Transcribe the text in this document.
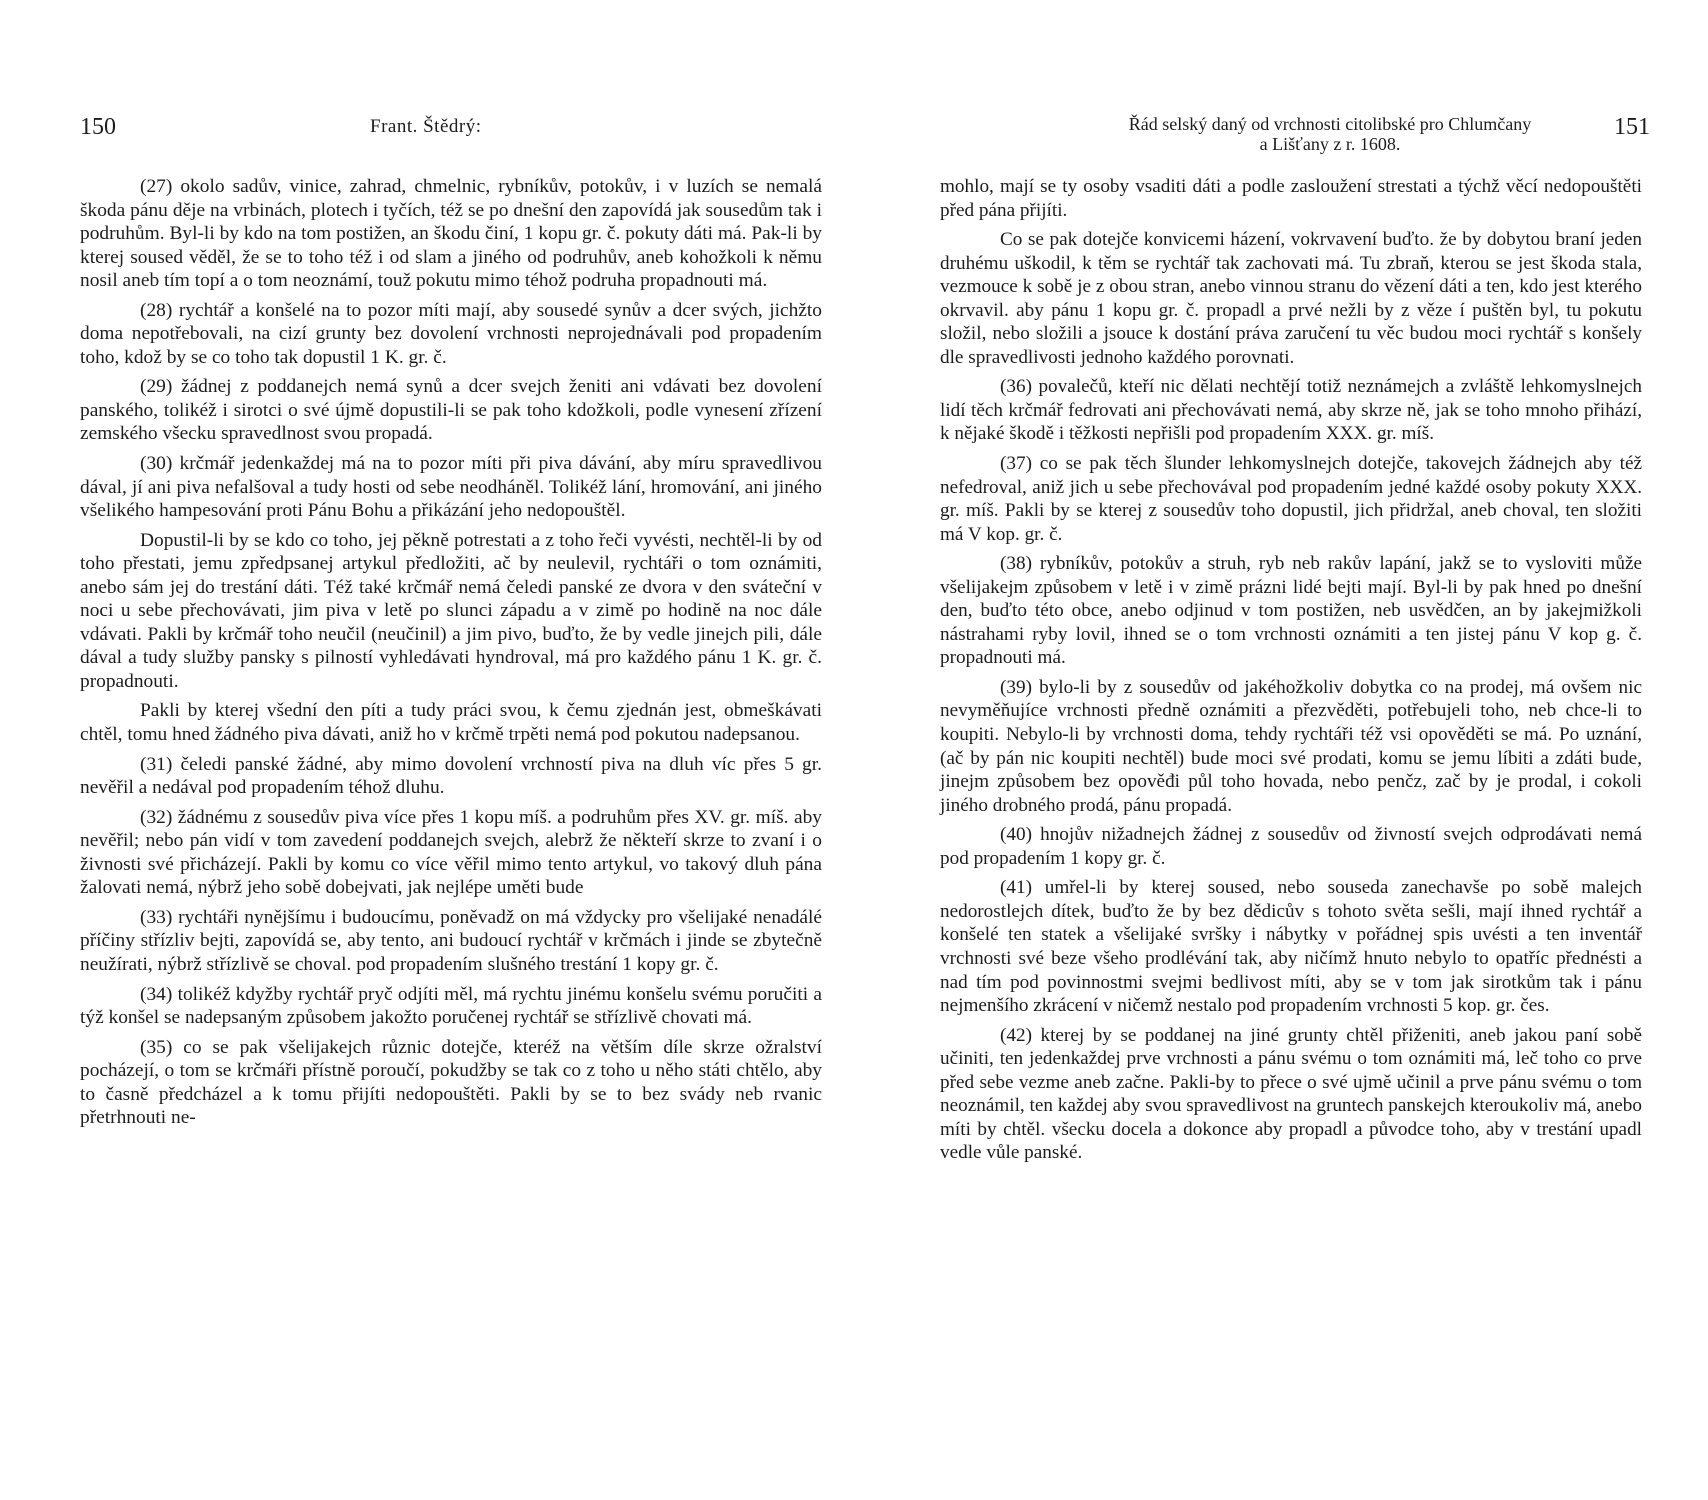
150	Frant. Štědrý:

(27) okolo sadův, vinice, zahrad, chmelnic, rybníkův, potokův, i v luzích se nemalá škoda pánu děje na vrbinách, plotech i tyčích, též se po dnešní den zapovídá jak sousedům tak i podruhům. Byl-li by kdo na tom postižen, an škodu činí, 1 kopu gr. č. pokuty dáti má. Pak-li by kterej soused věděl, že se to toho též i od slam a jiného od podruhův, aneb kohožkoli k němu nosil aneb tím topí a o tom neoznámí, touž pokutu mimo téhož podruha propadnouti má.

(28) rychtář a konšelé na to pozor míti mají, aby sousedé synův a dcer svých, jichžto doma nepotřebovali, na cizí grunty bez dovolení vrchnosti neprojednávali pod propadením toho, kdož by se co toho tak dopustil 1 K. gr. č.

(29) žádnej z poddanejch nemá synů a dcer svejch ženiti ani vdávati bez dovolení panského, tolikéž i sirotci o své újmě dopustili-li se pak toho kdožkoli, podle vynesení zřízení zemského všecku spravedlnost svou propadá.

(30) krčmář jedenkaždej má na to pozor míti při piva dávání, aby míru spravedlivou dával, jí ani piva nefalšoval a tudy hosti od sebe neodháněl. Tolikéž lání, hromování, ani jiného všelikého hampesování proti Pánu Bohu a přikázání jeho nedopouštěl.

Dopustil-li by se kdo co toho, jej pěkně potrestati a z toho řeči vyvésti, nechtěl-li by od toho přestati, jemu zpředpsanej artykul předložiti, ač by neulevil, rychtáři o tom oznámiti, anebo sám jej do trestání dáti. Též také krčmář nemá čeledi panské ze dvora v den sváteční v noci u sebe přechovávati, jim piva v letě po slunci západu a v zimě po hodině na noc dále vdávati. Pakli by krčmář toho neučil (neučinil) a jim pivo, buďto, že by vedle jinejch pili, dále dával a tudy služby pansky s pilností vyhledávati hyndroval, má pro každého pánu 1 K. gr. č. propadnouti.

Pakli by kterej všední den píti a tudy práci svou, k čemu zjednán jest, obmeškávati chtěl, tomu hned žádného piva dávati, aniž ho v krčmě trpěti nemá pod pokutou nadepsanou.

(31) čeledi panské žádné, aby mimo dovolení vrchností piva na dluh víc přes 5 gr. nevěřil a nedával pod propadením téhož dluhu.

(32) žádnému z sousedův piva více přes 1 kopu míš. a podruhům přes XV. gr. míš. aby nevěřil; nebo pán vidí v tom zavedení poddanejch svejch, alebrž že někteří skrze to zvaní i o živnosti své přicházejí. Pakli by komu co více věřil mimo tento artykul, vo takový dluh pána žalovati nemá, nýbrž jeho sobě dobejvati, jak nejlépe uměti bude

(33) rychtáři nynějšímu i budoucímu, poněvadž on má vždycky pro všelijaké nenadálé příčiny střízliv bejti, zapovídá se, aby tento, ani budoucí rychtář v krčmách i jinde se zbytečně neužírati, nýbrž střízlivě se choval. pod propadením slušného trestání 1 kopy gr. č.

(34) tolikéž kdyžby rychtář pryč odjíti měl, má rychtu jinému konšelu svému poručiti a týž konšel se nadepsaným způsobem jakožto poručenej rychtář se střízlivě chovati má.

(35) co se pak všelijakejch různic dotejče, kteréž na větším díle skrze ožralství pocházejí, o tom se krčmáři přístně poroučí, pokudžby se tak co z toho u něho státi chtělo, aby to časně předcházel a k tomu přijíti nedopouštěti. Pakli by se to bez svády neb rvanic přetrhnouti ne-

Řád selský daný od vrchnosti citolibské pro Chlumčany
a Lišťany z r. 1608.
151

mohlo, mají se ty osoby vsaditi dáti a podle zasloužení strestati a týchž věcí nedopouštěti před pána přijíti.

Co se pak dotejče konvicemi házení, vokrvavení buďto. že by dobytou braní jeden druhému uškodil, k těm se rychtář tak zachovati má. Tu zbraň, kterou se jest škoda stala, vezmouce k sobě je z obou stran, anebo vinnou stranu do vězení dáti a ten, kdo jest kterého okrvavil. aby pánu 1 kopu gr. č. propadl a prvé nežli by z věze í puštěn byl, tu pokutu složil, nebo složili a jsouce k dostání práva zaručení tu věc budou moci rychtář s konšely dle spravedlivosti jednoho každého porovnati.

(36) povalečů, kteří nic dělati nechtějí totiž neznámejch a zvláště lehkomyslnejch lidí těch krčmář fedrovati ani přechovávati nemá, aby skrze ně, jak se toho mnoho přihází, k nějaké škodě i těžkosti nepřišli pod propadením XXX. gr. míš.

(37) co se pak těch šlunder lehkomyslnejch dotejče, takovejch žádnejch aby též nefedroval, aniž jich u sebe přechovával pod propadením jedné každé osoby pokuty XXX. gr. míš. Pakli by se kterej z sousedův toho dopustil, jich přidržal, aneb choval, ten složiti má V kop. gr. č.

(38) rybníkův, potokův a struh, ryb neb rakův lapání, jakž se to vysloviti může všelijakejm způsobem v letě i v zimě prázni lidé bejti mají. Byl-li by pak hned po dnešní den, buďto této obce, anebo odjinud v tom postižen, neb usvědčen, an by jakejmižkoli nástrahami ryby lovil, ihned se o tom vrchnosti oznámiti a ten jistej pánu V kop g. č. propadnouti má.

(39) bylo-li by z sousedův od jakéhožkoliv dobytka co na prodej, má ovšem nic nevyměňujíce vrchnosti předně oznámiti a přezvěděti, potřebujeli toho, neb chce-li to koupiti. Nebylo-li by vrchnosti doma, tehdy rychtáři též vsi opověděti se má. Po uznání, (ač by pán nic koupiti nechtěl) bude moci své prodati, komu se jemu líbiti a zdáti bude, jinejm způsobem bez opověđi půl toho hovada, nebo penčz, zač by je prodal, i cokoli jiného drobného prodá, pánu propadá.

(40) hnojův nižadnejch žádnej z sousedův od živností svejch odprodávati nemá pod propadením 1 kopy gr. č.

(41) umřel-li by kterej soused, nebo souseda zanechavše po sobě malejch nedorostlejch dítek, buďto že by bez dědicův s tohoto světa sešli, mají ihned rychtář a konšelé ten statek a všelijaké svršky i nábytky v pořádnej spis uvésti a ten inventář vrchnosti své beze všeho prodlévání tak, aby ničímž hnuto nebylo to opatříc přednésti a nad tím pod povinnostmi svejmi bedlivost míti, aby se v tom jak sirotkům tak i pánu nejmenšího zkrácení v ničemž nestalo pod propadením vrchnosti 5 kop. gr. čes.

(42) kterej by se poddanej na jiné grunty chtěl přiženiti, aneb jakou paní sobě učiniti, ten jedenkaždej prve vrchnosti a pánu svému o tom oznámiti má, leč toho co prve před sebe vezme aneb začne. Pakli-by to přece o své ujmě učinil a prve pánu svému o tom neoznámil, ten každej aby svou spravedlivost na gruntech panskejch kteroukoliv má, anebo míti by chtěl. všecku docela a dokonce aby propadl a původce toho, aby v trestání upadl vedle vůle panské.
